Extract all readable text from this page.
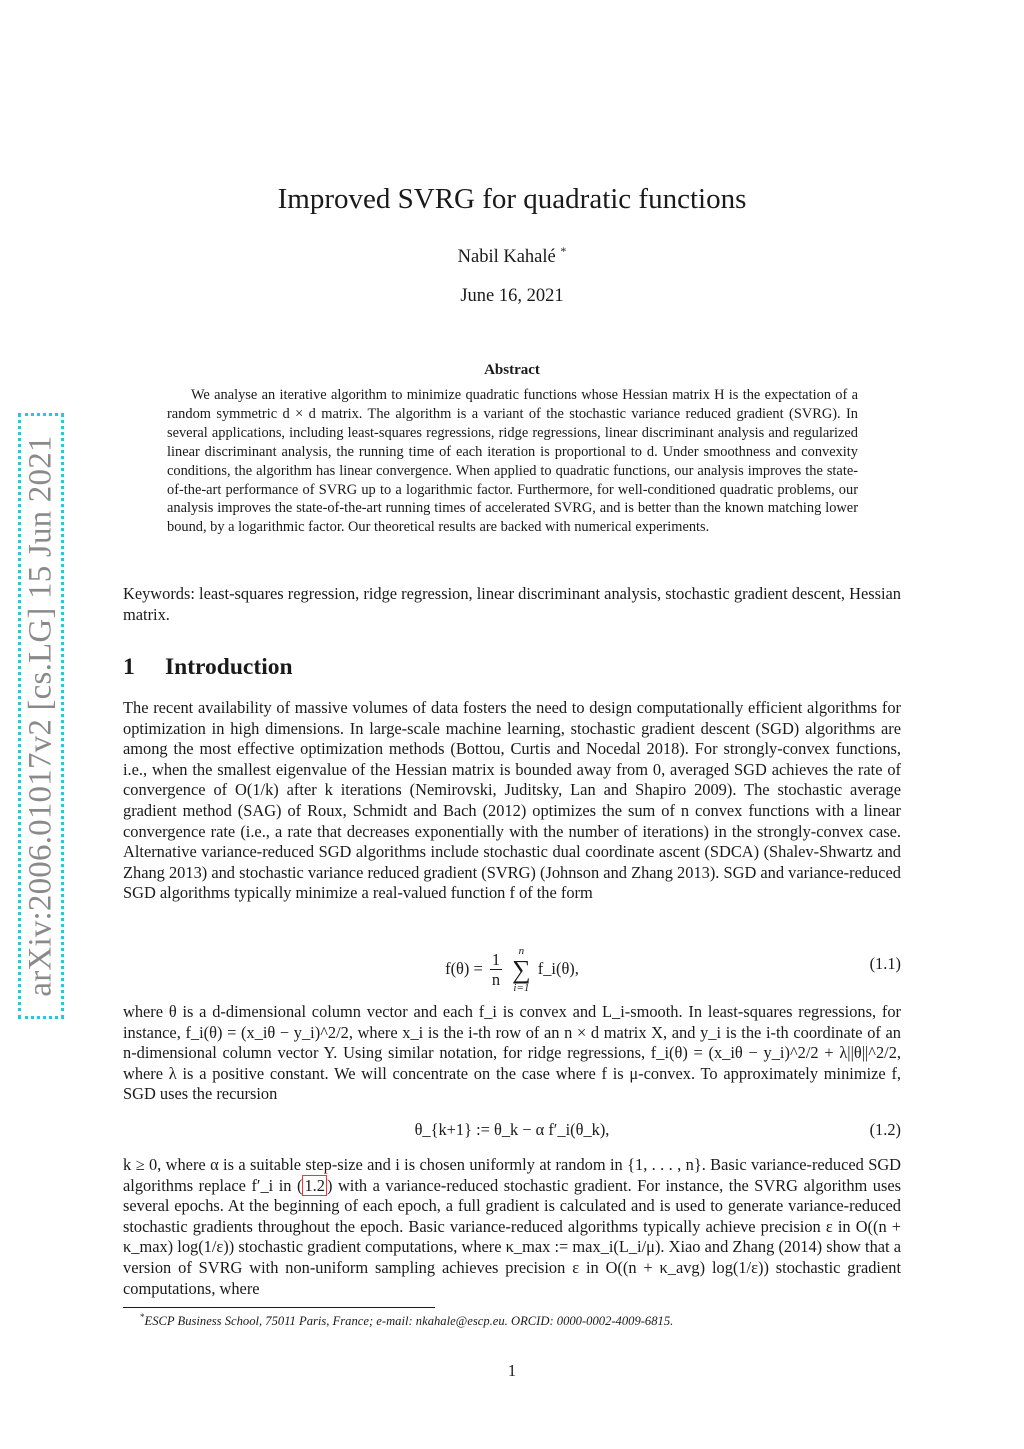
arXiv:2006.01017v2 [cs.LG] 15 Jun 2021
Improved SVRG for quadratic functions
Nabil Kahalé *
June 16, 2021
Abstract
We analyse an iterative algorithm to minimize quadratic functions whose Hessian matrix H is the expectation of a random symmetric d × d matrix. The algorithm is a variant of the stochastic variance reduced gradient (SVRG). In several applications, including least-squares regressions, ridge regressions, linear discriminant analysis and regularized linear discriminant analysis, the running time of each iteration is proportional to d. Under smoothness and convexity conditions, the algorithm has linear convergence. When applied to quadratic functions, our analysis improves the state-of-the-art performance of SVRG up to a logarithmic factor. Furthermore, for well-conditioned quadratic problems, our analysis improves the state-of-the-art running times of accelerated SVRG, and is better than the known matching lower bound, by a logarithmic factor. Our theoretical results are backed with numerical experiments.
Keywords: least-squares regression, ridge regression, linear discriminant analysis, stochastic gradient descent, Hessian matrix.
1 Introduction
The recent availability of massive volumes of data fosters the need to design computationally efficient algorithms for optimization in high dimensions. In large-scale machine learning, stochastic gradient descent (SGD) algorithms are among the most effective optimization methods (Bottou, Curtis and Nocedal 2018). For strongly-convex functions, i.e., when the smallest eigenvalue of the Hessian matrix is bounded away from 0, averaged SGD achieves the rate of convergence of O(1/k) after k iterations (Nemirovski, Juditsky, Lan and Shapiro 2009). The stochastic average gradient method (SAG) of Roux, Schmidt and Bach (2012) optimizes the sum of n convex functions with a linear convergence rate (i.e., a rate that decreases exponentially with the number of iterations) in the strongly-convex case. Alternative variance-reduced SGD algorithms include stochastic dual coordinate ascent (SDCA) (Shalev-Shwartz and Zhang 2013) and stochastic variance reduced gradient (SVRG) (Johnson and Zhang 2013). SGD and variance-reduced SGD algorithms typically minimize a real-valued function f of the form
$f(\theta) = \frac{1}{n}$
	n
∑
i=1
f_i(θ),	(1.1)
where θ is a d-dimensional column vector and each f_i is convex and L_i-smooth. In least-squares regressions, for instance, f_i(θ) = (x_iθ − y_i)^2/2, where x_i is the i-th row of an n × d matrix X, and y_i is the i-th coordinate of an n-dimensional column vector Y. Using similar notation, for ridge regressions, f_i(θ) = (x_iθ − y_i)^2/2 + λ||θ||^2/2, where λ is a positive constant. We will concentrate on the case where f is μ-convex. To approximately minimize f, SGD uses the recursion
θ_{k+1} := θ_k − α f′_i(θ_k),	(1.2)
k ≥ 0, where α is a suitable step-size and i is chosen uniformly at random in {1, . . . , n}. Basic variance-reduced SGD algorithms replace f′_i in ( 1.2 ) with a variance-reduced stochastic gradient. For instance, the SVRG algorithm uses several epochs. At the beginning of each epoch, a full gradient is calculated and is used to generate variance-reduced stochastic gradients throughout the epoch. Basic variance-reduced algorithms typically achieve precision ε in O((n + κ_max) log(1/ε)) stochastic gradient computations, where κ_max := max_i(L_i/μ). Xiao and Zhang (2014) show that a version of SVRG with non-uniform sampling achieves precision ε in O((n + κ_avg) log(1/ε)) stochastic gradient computations, where
*ESCP Business School, 75011 Paris, France; e-mail: nkahale@escp.eu. ORCID: 0000-0002-4009-6815.
1
